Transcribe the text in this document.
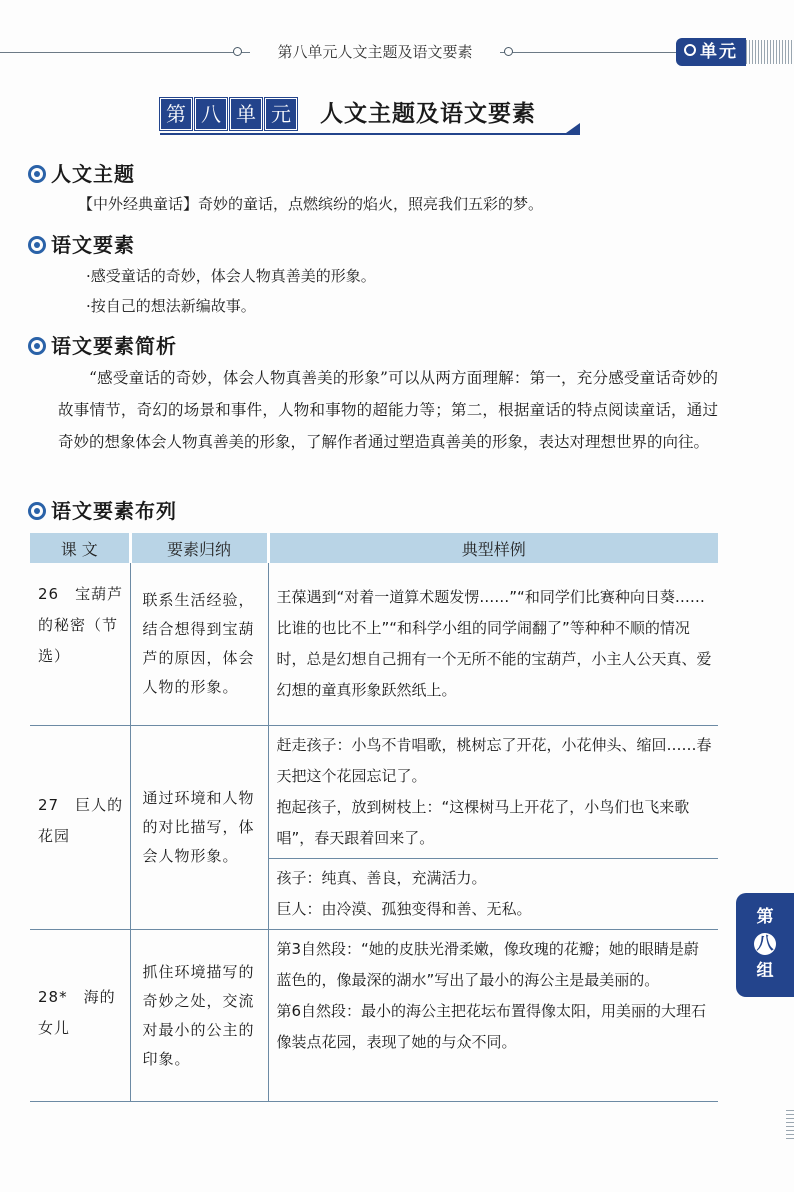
第八单元人文主题及语文要素	单元
第 八 单 元 人文主题及语文要素
人文主题
【中外经典童话】奇妙的童话，点燃缤纷的焰火，照亮我们五彩的梦。
语文要素
·感受童话的奇妙，体会人物真善美的形象。
·按自己的想法新编故事。
语文要素简析
“感受童话的奇妙，体会人物真善美的形象”可以从两方面理解：第一，充分感受童话奇妙的故事情节，奇幻的场景和事件，人物和事物的超能力等；第二，根据童话的特点阅读童话，通过奇妙的想象体会人物真善美的形象，了解作者通过塑造真善美的形象，表达对理想世界的向往。
语文要素布列
课 文	要素归纳	典型样例
26　宝葫芦的秘密（节选）	联系生活经验，结合想得到宝葫芦的原因，体会人物的形象。	王葆遇到“对着一道算术题发愣……”“和同学们比赛种向日葵……比谁的也比不上”“和科学小组的同学闹翻了”等种种不顺的情况时，总是幻想自己拥有一个无所不能的宝葫芦，小主人公天真、爱幻想的童真形象跃然纸上。

27　巨人的花园	通过环境和人物的对比描写，体会人物形象。	赶走孩子：小鸟不肯唱歌，桃树忘了开花，小花伸头、缩回……春天把这个花园忘记了。

抱起孩子，放到树枝上：“这棵树马上开花了，小鸟们也飞来歌唱”，春天跟着回来了。

孩子：纯真、善良，充满活力。

巨人：由冷漠、孤独变得和善、无私。

28*　海的女儿	抓住环境描写的奇妙之处，交流对最小的公主的印象。	第3自然段：“她的皮肤光滑柔嫩，像玫瑰的花瓣；她的眼睛是蔚蓝色的，像最深的湖水”写出了最小的海公主是最美丽的。

第6自然段：最小的海公主把花坛布置得像太阳，用美丽的大理石像装点花园，表现了她的与众不同。

第
八
组
